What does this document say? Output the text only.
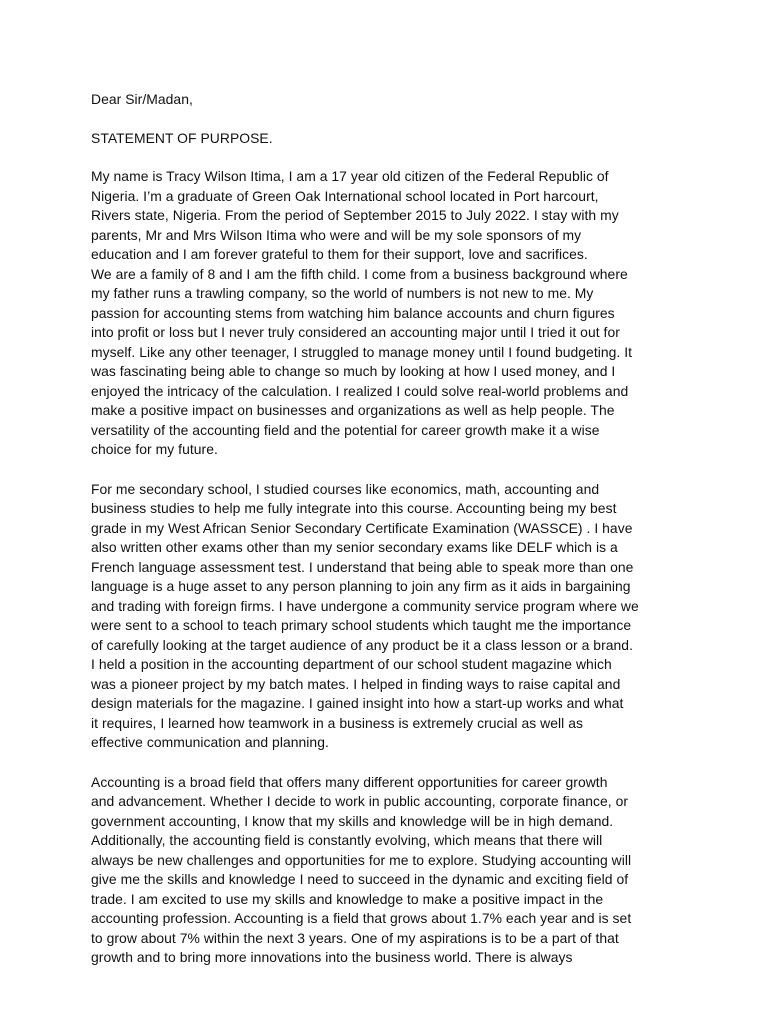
Dear Sir/Madan,

STATEMENT OF PURPOSE.

My name is Tracy Wilson Itima, I am a 17 year old citizen of the Federal Republic of
Nigeria. I’m a graduate of Green Oak International school located in Port harcourt,
Rivers state, Nigeria. From the period of September 2015 to July 2022. I stay with my
parents, Mr and Mrs Wilson Itima who were and will be my sole sponsors of my
education and I am forever grateful to them for their support, love and sacrifices.
We are a family of 8 and I am the fifth child. I come from a business background where
my father runs a trawling company, so the world of numbers is not new to me. My
passion for accounting stems from watching him balance accounts and churn figures
into profit or loss but I never truly considered an accounting major until I tried it out for
myself. Like any other teenager, I struggled to manage money until I found budgeting. It
was fascinating being able to change so much by looking at how I used money, and I
enjoyed the intricacy of the calculation. I realized I could solve real-world problems and
make a positive impact on businesses and organizations as well as help people. The
versatility of the accounting field and the potential for career growth make it a wise
choice for my future.

For me secondary school, I studied courses like economics, math, accounting and
business studies to help me fully integrate into this course. Accounting being my best
grade in my West African Senior Secondary Certificate Examination (WASSCE) . I have
also written other exams other than my senior secondary exams like DELF which is a
French language assessment test. I understand that being able to speak more than one
language is a huge asset to any person planning to join any firm as it aids in bargaining
and trading with foreign firms. I have undergone a community service program where we
were sent to a school to teach primary school students which taught me the importance
of carefully looking at the target audience of any product be it a class lesson or a brand.
I held a position in the accounting department of our school student magazine which
was a pioneer project by my batch mates. I helped in finding ways to raise capital and
design materials for the magazine. I gained insight into how a start-up works and what
it requires, I learned how teamwork in a business is extremely crucial as well as
effective communication and planning.

Accounting is a broad field that offers many different opportunities for career growth
and advancement. Whether I decide to work in public accounting, corporate finance, or
government accounting, I know that my skills and knowledge will be in high demand.
Additionally, the accounting field is constantly evolving, which means that there will
always be new challenges and opportunities for me to explore. Studying accounting will
give me the skills and knowledge I need to succeed in the dynamic and exciting field of
trade. I am excited to use my skills and knowledge to make a positive impact in the
accounting profession. Accounting is a field that grows about 1.7% each year and is set
to grow about 7% within the next 3 years. One of my aspirations is to be a part of that
growth and to bring more innovations into the business world. There is always
